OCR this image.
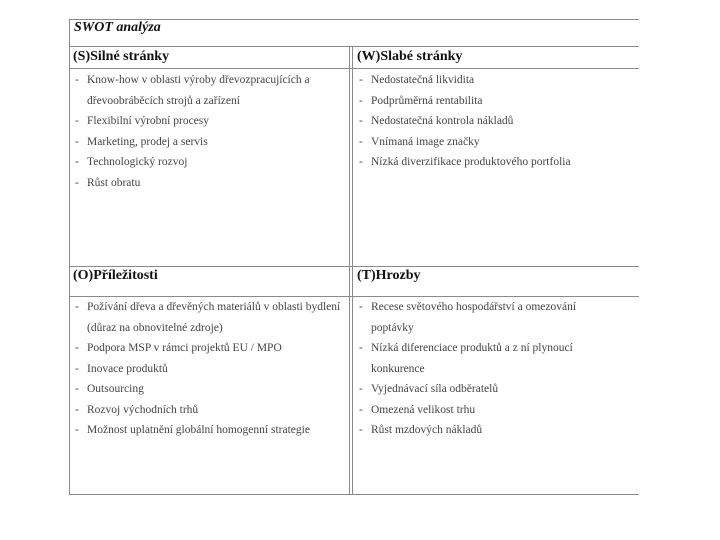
SWOT analýza
(S)Silné stránky
- Know-how v oblasti výroby dřevozpracujících a dřevoobráběcích strojů a zařízení
- Flexibilní výrobní procesy
- Marketing, prodej a servis
- Technologický rozvoj
- Růst obratu
(W)Slabé stránky
- Nedostatečná likvidita
- Podprůměrná rentabilita
- Nedostatečná kontrola nákladů
- Vnímaná image značky
- Nízká diverzifikace produktového portfolia
(O)Příležitosti
- Požívání dřeva a dřevěných materiálů v oblasti bydlení (důraz na obnovitelné zdroje)
- Podpora MSP v rámci projektů EU / MPO
- Inovace produktů
- Outsourcing
- Rozvoj východních trhů
- Možnost uplatnění globální homogenní strategie
(T)Hrozby
- Recese světového hospodářství a omezování poptávky
- Nízká diferenciace produktů a z ní plynoucí konkurence
- Vyjednávací síla odběratelů
- Omezená velikost trhu
- Růst mzdových nákladů
